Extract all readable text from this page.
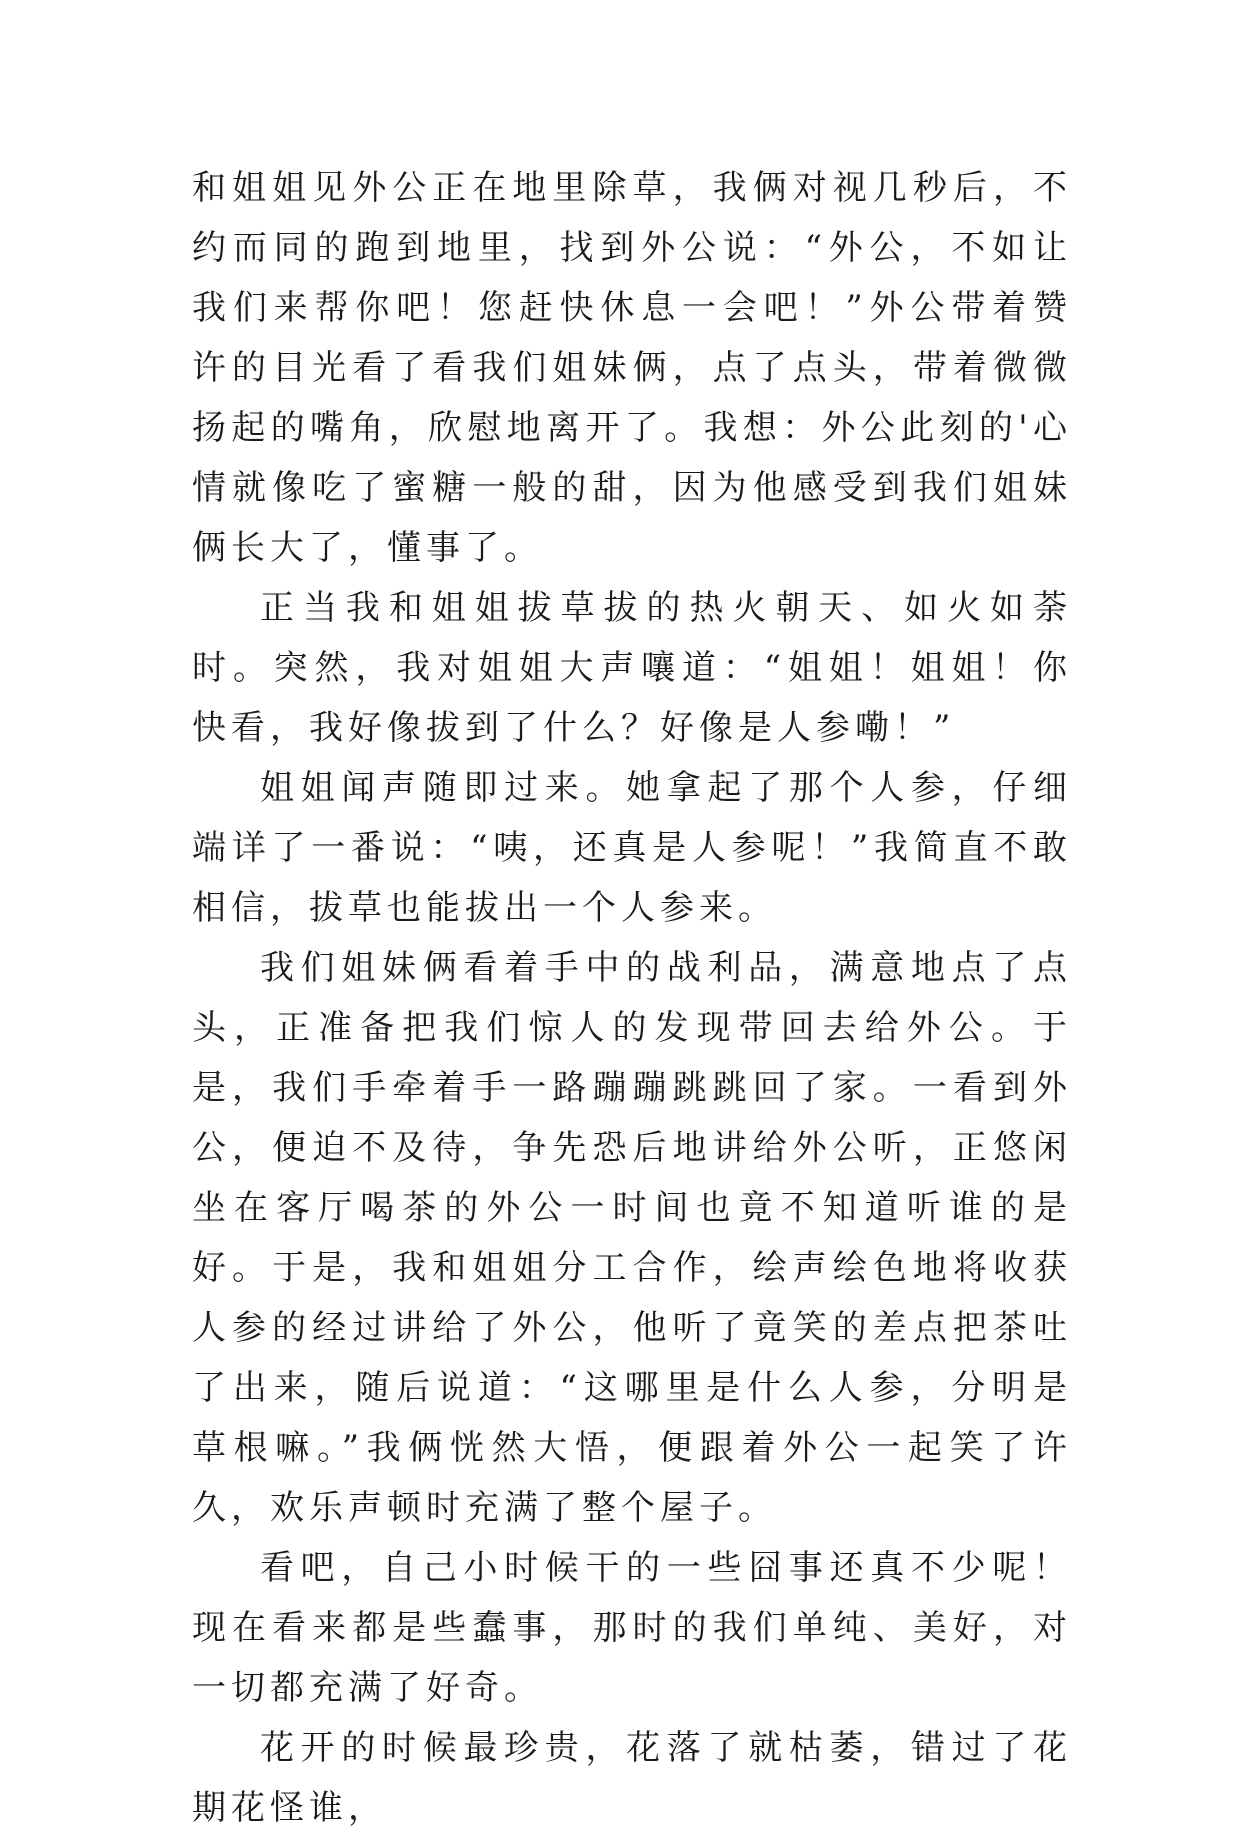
和姐姐见外公正在地里除草，我俩对视几秒后，不约而同的跑到地里，找到外公说：“外公，不如让我们来帮你吧！您赶快休息一会吧！”外公带着赞许的目光看了看我们姐妹俩，点了点头，带着微微扬起的嘴角，欣慰地离开了。我想：外公此刻的'心情就像吃了蜜糖一般的甜，因为他感受到我们姐妹俩长大了，懂事了。

正当我和姐姐拔草拔的热火朝天、如火如荼时。突然，我对姐姐大声嚷道：“姐姐！姐姐！你快看，我好像拔到了什么？好像是人参嘞！”

姐姐闻声随即过来。她拿起了那个人参，仔细端详了一番说：“咦，还真是人参呢！”我简直不敢相信，拔草也能拔出一个人参来。

我们姐妹俩看着手中的战利品，满意地点了点头，正准备把我们惊人的发现带回去给外公。于是，我们手牵着手一路蹦蹦跳跳回了家。一看到外公，便迫不及待，争先恐后地讲给外公听，正悠闲坐在客厅喝茶的外公一时间也竟不知道听谁的是好。于是，我和姐姐分工合作，绘声绘色地将收获人参的经过讲给了外公，他听了竟笑的差点把茶吐了出来，随后说道：“这哪里是什么人参，分明是草根嘛。”我俩恍然大悟，便跟着外公一起笑了许久，欢乐声顿时充满了整个屋子。

看吧，自己小时候干的一些囧事还真不少呢！现在看来都是些蠢事，那时的我们单纯、美好，对一切都充满了好奇。

花开的时候最珍贵，花落了就枯萎，错过了花期花怪谁，
